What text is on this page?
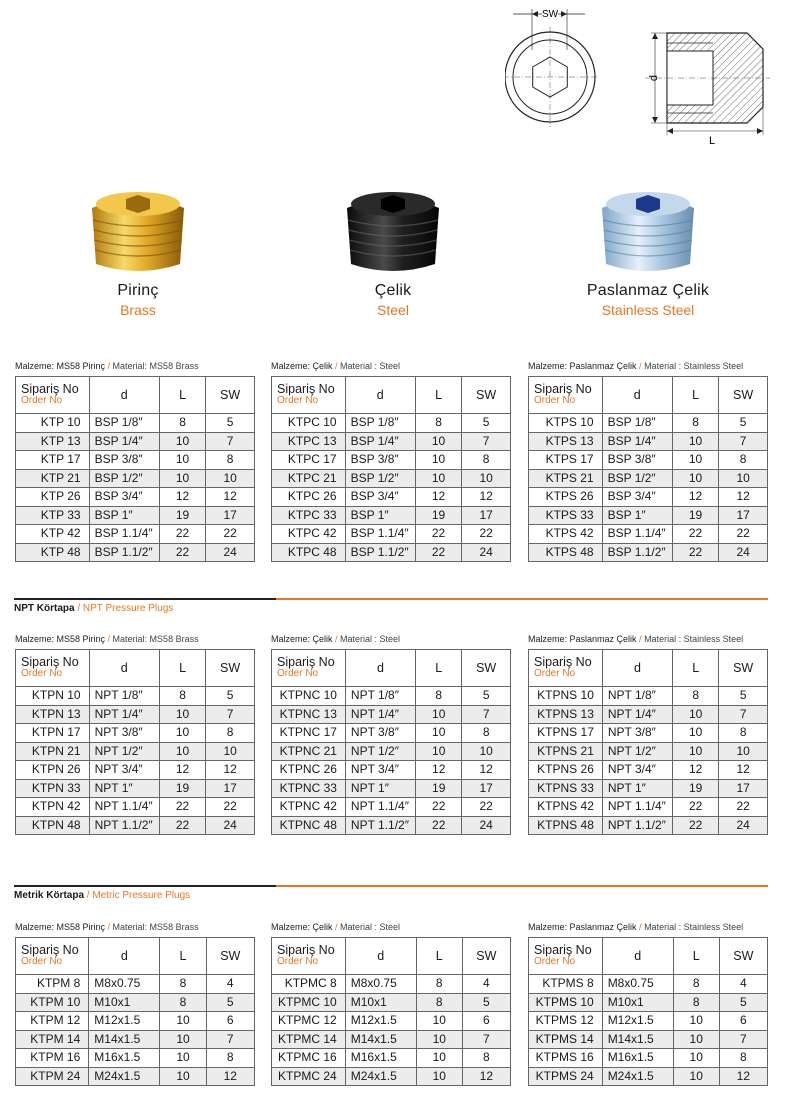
SW
d
L
Pirinç
Brass
Çelik
Steel
Paslanmaz Çelik
Stainless Steel
Malzeme: MS58 Pirinç / Material: MS58 Brass	Malzeme: Çelik / Material : Steel	Malzeme: Paslanmaz Çelik / Material : Stainless Steel
Sipariş No
Order No	d	L	SW
KTP 10	BSP 1/8″	8	5
KTP 13	BSP 1/4″	10	7
KTP 17	BSP 3/8″	10	8
KTP 21	BSP 1/2″	10	10
KTP 26	BSP 3/4″	12	12
KTP 33	BSP 1″	19	17
KTP 42	BSP 1.1/4″	22	22
KTP 48	BSP 1.1/2″	22	24
Sipariş No
Order No	d	L	SW
KTPC 10	BSP 1/8″	8	5
KTPC 13	BSP 1/4″	10	7
KTPC 17	BSP 3/8″	10	8
KTPC 21	BSP 1/2″	10	10
KTPC 26	BSP 3/4″	12	12
KTPC 33	BSP 1″	19	17
KTPC 42	BSP 1.1/4″	22	22
KTPC 48	BSP 1.1/2″	22	24
Sipariş No
Order No	d	L	SW
KTPS 10	BSP 1/8″	8	5
KTPS 13	BSP 1/4″	10	7
KTPS 17	BSP 3/8″	10	8
KTPS 21	BSP 1/2″	10	10
KTPS 26	BSP 3/4″	12	12
KTPS 33	BSP 1″	19	17
KTPS 42	BSP 1.1/4″	22	22
KTPS 48	BSP 1.1/2″	22	24
NPT Körtapa / NPT Pressure Plugs
Malzeme: MS58 Pirinç / Material: MS58 Brass	Malzeme: Çelik / Material : Steel	Malzeme: Paslanmaz Çelik / Material : Stainless Steel
Sipariş No
Order No	d	L	SW
KTPN 10	NPT 1/8″	8	5
KTPN 13	NPT 1/4″	10	7
KTPN 17	NPT 3/8″	10	8
KTPN 21	NPT 1/2″	10	10
KTPN 26	NPT 3/4″	12	12
KTPN 33	NPT 1″	19	17
KTPN 42	NPT 1.1/4″	22	22
KTPN 48	NPT 1.1/2″	22	24
Sipariş No
Order No	d	L	SW
KTPNC 10	NPT 1/8″	8	5
KTPNC 13	NPT 1/4″	10	7
KTPNC 17	NPT 3/8″	10	8
KTPNC 21	NPT 1/2″	10	10
KTPNC 26	NPT 3/4″	12	12
KTPNC 33	NPT 1″	19	17
KTPNC 42	NPT 1.1/4″	22	22
KTPNC 48	NPT 1.1/2″	22	24
Sipariş No
Order No	d	L	SW
KTPNS 10	NPT 1/8″	8	5
KTPNS 13	NPT 1/4″	10	7
KTPNS 17	NPT 3/8″	10	8
KTPNS 21	NPT 1/2″	10	10
KTPNS 26	NPT 3/4″	12	12
KTPNS 33	NPT 1″	19	17
KTPNS 42	NPT 1.1/4″	22	22
KTPNS 48	NPT 1.1/2″	22	24
Metrik Körtapa / Metric Pressure Plugs
Malzeme: MS58 Pirinç / Material: MS58 Brass	Malzeme: Çelik / Material : Steel	Malzeme: Paslanmaz Çelik / Material : Stainless Steel
Sipariş No
Order No	d	L	SW
KTPM 8	M8x0.75	8	4
KTPM 10	M10x1	8	5
KTPM 12	M12x1.5	10	6
KTPM 14	M14x1.5	10	7
KTPM 16	M16x1.5	10	8
KTPM 24	M24x1.5	10	12
Sipariş No
Order No	d	L	SW
KTPMC 8	M8x0.75	8	4
KTPMC 10	M10x1	8	5
KTPMC 12	M12x1.5	10	6
KTPMC 14	M14x1.5	10	7
KTPMC 16	M16x1.5	10	8
KTPMC 24	M24x1.5	10	12
Sipariş No
Order No	d	L	SW
KTPMS 8	M8x0.75	8	4
KTPMS 10	M10x1	8	5
KTPMS 12	M12x1.5	10	6
KTPMS 14	M14x1.5	10	7
KTPMS 16	M16x1.5	10	8
KTPMS 24	M24x1.5	10	12
